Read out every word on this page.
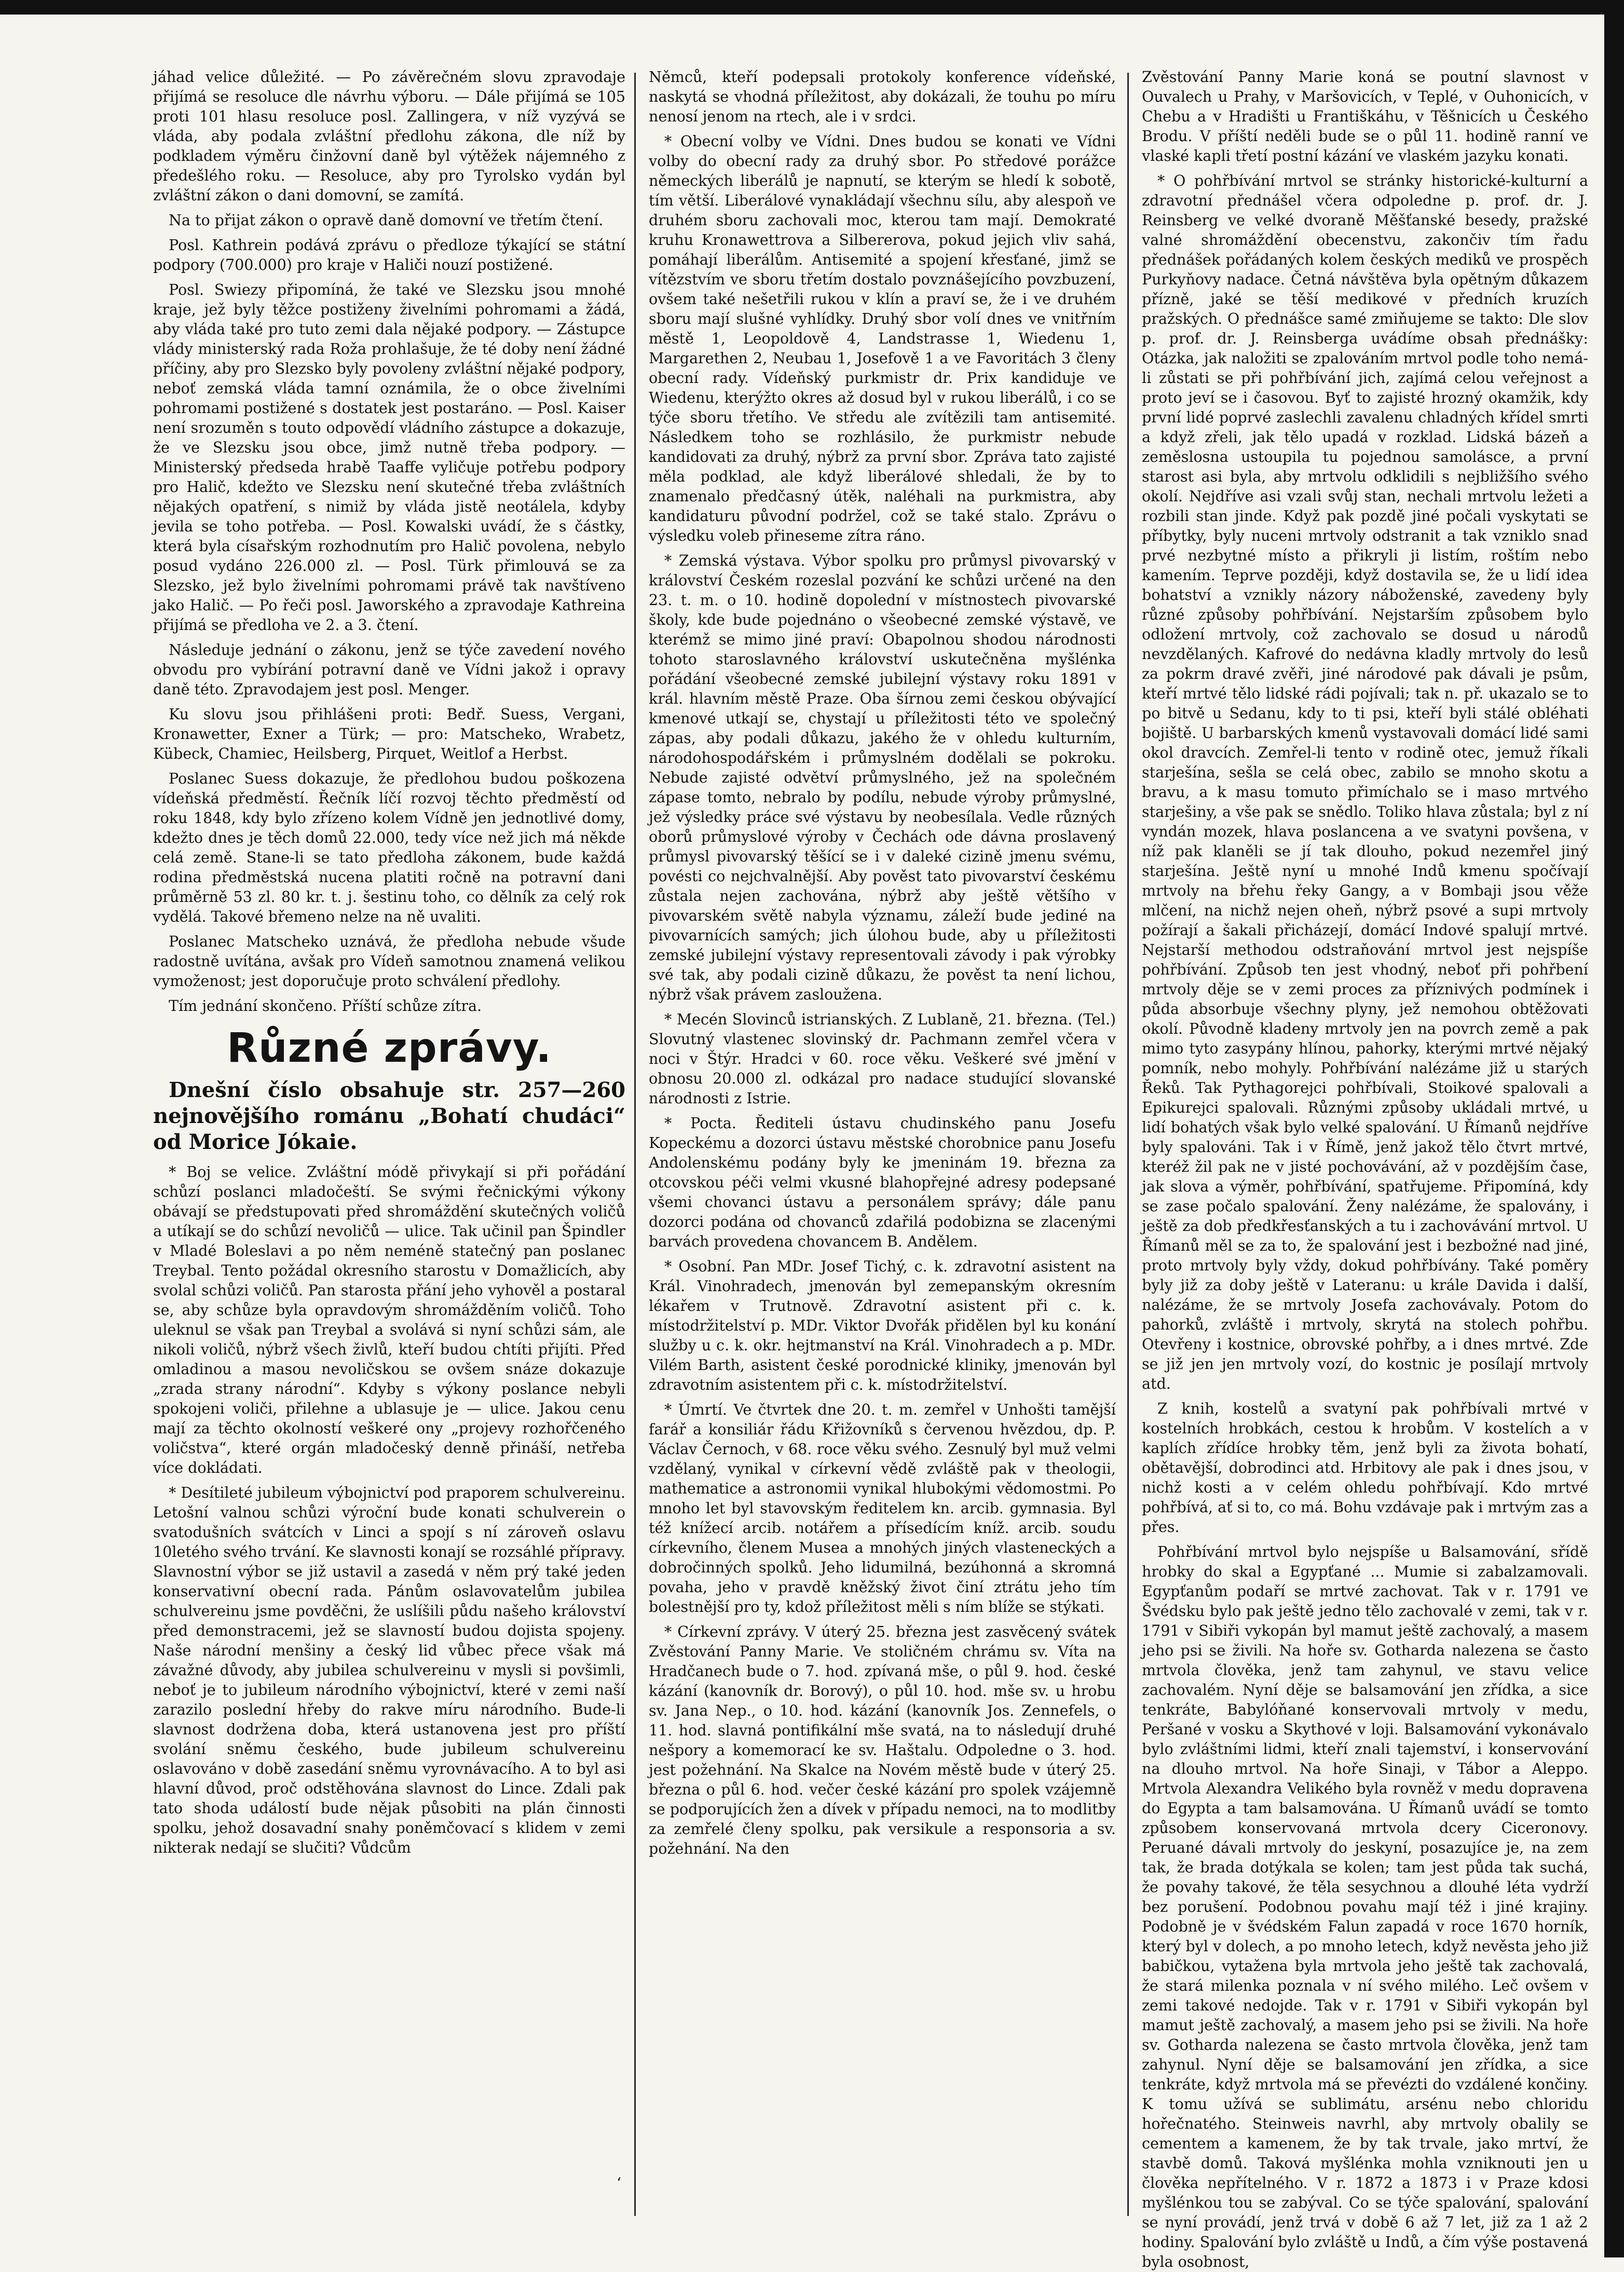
jáhad velice důležité. — Po závěrečném slovu zpravodaje přijímá se resoluce dle návrhu výboru. — Dále přijímá se 105 proti 101 hlasu resoluce posl. Zallingera, v níž vyzývá se vláda, aby podala zvláštní předlohu zákona, dle níž by podkladem výměru činžovní daně byl výtěžek nájemného z předešlého roku. — Resoluce, aby pro Tyrolsko vydán byl zvláštní zákon o dani domovní, se zamítá.

Na to přijat zákon o opravě daně domovní ve třetím čtení.

Posl. Kathrein podává zprávu o předloze týkající se státní podpory (700.000) pro kraje v Haliči nouzí postižené.

Posl. Swiezy připomíná, že také ve Slezsku jsou mnohé kraje, jež byly těžce postiženy živelními pohromami a žádá, aby vláda také pro tuto zemi dala nějaké podpory. — Zástupce vlády ministerský rada Roža prohlašuje, že té doby není žádné příčiny, aby pro Slezsko byly povoleny zvláštní nějaké podpory, neboť zemská vláda tamní oznámila, že o obce živelními pohromami postižené s dostatek jest postaráno. — Posl. Kaiser není srozuměn s touto odpovědí vládního zástupce a dokazuje, že ve Slezsku jsou obce, jimž nutně třeba podpory. — Ministerský předseda hrabě Taaffe vyličuje potřebu podpory pro Halič, kdežto ve Slezsku není skutečné třeba zvláštních nějakých opatření, s nimiž by vláda jistě neotálela, kdyby jevila se toho potřeba. — Posl. Kowalski uvádí, že s částky, která byla císařským rozhodnutím pro Halič povolena, nebylo posud vydáno 226.000 zl. — Posl. Türk přimlouvá se za Slezsko, jež bylo živelními pohromami právě tak navštíveno jako Halič. — Po řeči posl. Jaworského a zpravodaje Kathreina přijímá se předloha ve 2. a 3. čtení.

Následuje jednání o zákonu, jenž se týče zavedení nového obvodu pro vybírání potravní daně ve Vídni jakož i opravy daně této. Zpravodajem jest posl. Menger.

Ku slovu jsou přihlášeni proti: Bedř. Suess, Vergani, Kronawetter, Exner a Türk; — pro: Matscheko, Wrabetz, Kübeck, Chamiec, Heilsberg, Pirquet, Weitlof a Herbst.

Poslanec Suess dokazuje, že předlohou budou poškozena vídeňská předměstí. Řečník líčí rozvoj těchto předměstí od roku 1848, kdy bylo zřízeno kolem Vídně jen jednotlivé domy, kdežto dnes je těch domů 22.000, tedy více než jich má někde celá země. Stane-li se tato předloha zákonem, bude každá rodina předměstská nucena platiti ročně na potravní dani průměrně 53 zl. 80 kr. t. j. šestinu toho, co dělník za celý rok vydělá. Takové břemeno nelze na ně uvaliti.

Poslanec Matscheko uznává, že předloha nebude všude radostně uvítána, avšak pro Vídeň samotnou znamená velikou vymoženost; jest doporučuje proto schválení předlohy.

Tím jednání skončeno. Příští schůze zítra.

Různé zprávy.
Dnešní číslo obsahuje str. 257—260 nejnovějšího románu „Bohatí chudáci“ od Morice Jókaie.

* Boj se velice. Zvláštní módě přivykají si při pořádání schůzí poslanci mladočeští. Se svými řečnickými výkony obávají se předstupovati před shromáždění skutečných voličů a utíkají se do schůzí nevoličů — ulice. Tak učinil pan Špindler v Mladé Boleslavi a po něm neméně statečný pan poslanec Treybal. Tento požádal okresního starostu v Domažlicích, aby svolal schůzi voličů. Pan starosta přání jeho vyhověl a postaral se, aby schůze byla opravdovým shromážděním voličů. Toho uleknul se však pan Treybal a svolává si nyní schůzi sám, ale nikoli voličů, nýbrž všech živlů, kteří budou chtíti přijíti. Před omladinou a masou nevoličskou se ovšem snáze dokazuje „zrada strany národní“. Kdyby s výkony poslance nebyli spokojeni voliči, přilehne a ublasuje je — ulice. Jakou cenu mají za těchto okolností veškeré ony „projevy rozhořčeného voličstva“, které orgán mladočeský denně přináší, netřeba více dokládati.

* Desítileté jubileum výbojnictví pod praporem schulvereinu. Letošní valnou schůzi výroční bude konati schulverein o svatodušních svátcích v Linci a spojí s ní zároveň oslavu 10letého svého trvání. Ke slavnosti konají se rozsáhlé přípravy. Slavnostní výbor se již ustavil a zasedá v něm prý také jeden konservativní obecní rada. Pánům oslavovatelům jubilea schulvereinu jsme povděčni, že uslíšili půdu našeho království před demonstracemi, jež se slavností budou dojista spojeny. Naše národní menšiny a český lid vůbec přece však má závažné důvody, aby jubilea schulvereinu v mysli si povšimli, neboť je to jubileum národního výbojnictví, které v zemi naší zarazilo poslední hřeby do rakve míru národního. Bude-li slavnost dodržena doba, která ustanovena jest pro příští svolání sněmu českého, bude jubileum schulvereinu oslavováno v době zasedání sněmu vyrovnávacího. A to byl asi hlavní důvod, proč odstěhována slavnost do Lince. Zdali pak tato shoda událostí bude nějak působiti na plán činnosti spolku, jehož dosavadní snahy poněmčovací s klidem v zemi nikterak nedají se slučiti? Vůdcům

Němců, kteří podepsali protokoly konference vídeňské, naskytá se vhodná příležitost, aby dokázali, že touhu po míru nenosí jenom na rtech, ale i v srdci.

* Obecní volby ve Vídni. Dnes budou se konati ve Vídni volby do obecní rady za druhý sbor. Po středové porážce německých liberálů je napnutí, se kterým se hledí k sobotě, tím větší. Liberálové vynakládají všechnu sílu, aby alespoň ve druhém sboru zachovali moc, kterou tam mají. Demokraté kruhu Kronawettrova a Silbererova, pokud jejich vliv sahá, pomáhají liberálům. Antisemité a spojení křesťané, jimž se vítězstvím ve sboru třetím dostalo povznášejícího povzbuzení, ovšem také nešetřili rukou v klín a praví se, že i ve druhém sboru mají slušné vyhlídky. Druhý sbor volí dnes ve vnitřním městě 1, Leopoldově 4, Landstrasse 1, Wiedenu 1, Margarethen 2, Neubau 1, Josefově 1 a ve Favoritách 3 členy obecní rady. Vídeňský purkmistr dr. Prix kandiduje ve Wiedenu, kterýžto okres až dosud byl v rukou liberálů, i co se týče sboru třetího. Ve středu ale zvítězili tam antisemité. Následkem toho se rozhlásilo, že purkmistr nebude kandidovati za druhý, nýbrž za první sbor. Zpráva tato zajisté měla podklad, ale když liberálové shledali, že by to znamenalo předčasný útěk, naléhali na purkmistra, aby kandidaturu původní podržel, což se také stalo. Zprávu o výsledku voleb přineseme zítra ráno.

* Zemská výstava. Výbor spolku pro průmysl pivovarský v království Českém rozeslal pozvání ke schůzi určené na den 23. t. m. o 10. hodině dopolední v místnostech pivovarské školy, kde bude pojednáno o všeobecné zemské výstavě, ve kterémž se mimo jiné praví: Obapolnou shodou národnosti tohoto staroslavného království uskutečněna myšlénka pořádání všeobecné zemské jubilejní výstavy roku 1891 v král. hlavním městě Praze. Oba šírnou zemi českou obývající kmenové utkají se, chystají u příležitosti této ve společný zápas, aby podali důkazu, jakého že v ohledu kulturním, národohospodářském i průmyslném dodělali se pokroku. Nebude zajisté odvětví průmyslného, jež na společném zápase tomto, nebralo by podílu, nebude výroby průmyslné, jež výsledky práce své výstavu by neobesílala. Vedle různých oborů průmyslové výroby v Čechách ode dávna proslavený průmysl pivovarský těšící se i v daleké cizině jmenu svému, povésti co nejchvalnější. Aby pověst tato pivovarství českému zůstala nejen zachována, nýbrž aby ještě většího v pivovarském světě nabyla významu, záleží bude jediné na pivovarnících samých; jich úlohou bude, aby u příležitosti zemské jubilejní výstavy representovali závody i pak výrobky své tak, aby podali cizině důkazu, že pověst ta není lichou, nýbrž však právem zasloužena.

* Mecén Slovinců istrianských. Z Lublaně, 21. března. (Tel.) Slovutný vlastenec slovinský dr. Pachmann zemřel včera v noci v Štýr. Hradci v 60. roce věku. Veškeré své jmění v obnosu 20.000 zl. odkázal pro nadace studující slovanské národnosti z Istrie.

* Pocta. Řediteli ústavu chudinského panu Josefu Kopeckému a dozorci ústavu městské chorobnice panu Josefu Andolenskému podány byly ke jmeninám 19. března za otcovskou péči velmi vkusné blahopřejné adresy podepsané všemi chovanci ústavu a personálem správy; dále panu dozorci podána od chovanců zdařilá podobizna se zlacenými barvách provedena chovancem B. Andělem.

* Osobní. Pan MDr. Josef Tichý, c. k. zdravotní asistent na Král. Vinohradech, jmenován byl zemepanským okresním lékařem v Trutnově. Zdravotní asistent při c. k. místodržitelství p. MDr. Viktor Dvořák přidělen byl ku konání služby u c. k. okr. hejtmanství na Král. Vinohradech a p. MDr. Vilém Barth, asistent české porodnické kliniky, jmenován byl zdravotním asistentem při c. k. místodržitelství.

* Úmrtí. Ve čtvrtek dne 20. t. m. zemřel v Unhošti tamější farář a konsiliár řádu Křižovníků s červenou hvězdou, dp. P. Václav Černoch, v 68. roce věku svého. Zesnulý byl muž velmi vzdělaný, vynikal v církevní vědě zvláště pak v theologii, mathematice a astronomii vynikal hlubokými vědomostmi. Po mnoho let byl stavovským ředitelem kn. arcib. gymnasia. Byl též knížecí arcib. notářem a přísedícím kníž. arcib. soudu církevního, členem Musea a mnohých jiných vlasteneckých a dobročinných spolků. Jeho lidumilná, bezúhonná a skromná povaha, jeho v pravdě kněžský život činí ztrátu jeho tím bolestnější pro ty, kdož příležitost měli s ním blíže se stýkati.

* Církevní zprávy. V úterý 25. března jest zasvěcený svátek Zvěstování Panny Marie. Ve stoličném chrámu sv. Víta na Hradčanech bude o 7. hod. zpívaná mše, o půl 9. hod. české kázání (kanovník dr. Borový), o půl 10. hod. mše sv. u hrobu sv. Jana Nep., o 10. hod. kázání (kanovník Jos. Zennefels, o 11. hod. slavná pontifikální mše svatá, na to následují druhé nešpory a komemorací ke sv. Haštalu. Odpoledne o 3. hod. jest požehnání. Na Skalce na Novém městě bude v úterý 25. března o půl 6. hod. večer české kázání pro spolek vzájemně se podporujících žen a dívek v případu nemoci, na to modlitby za zemřelé členy spolku, pak versikule a responsoria a sv. požehnání. Na den

Zvěstování Panny Marie koná se poutní slavnost v Ouvalech u Prahy, v Maršovicích, v Teplé, v Ouhonicích, v Chebu a v Hradišti u Františkáhu, v Těšnicích u Českého Brodu. V příští neděli bude se o půl 11. hodině ranní ve vlaské kapli třetí postní kázání ve vlaském jazyku konati.

* O pohřbívání mrtvol se stránky historické-kulturní a zdravotní přednášel včera odpoledne p. prof. dr. J. Reinsberg ve velké dvoraně Měšťanské besedy, pražské valné shromáždění obecenstvu, zakončiv tím řadu přednášek pořádaných kolem českých mediků ve prospěch Purkyňovy nadace. Četná návštěva byla opětným důkazem přízně, jaké se těší medikové v předních kruzích pražských. O přednášce samé zmiňujeme se takto: Dle slov p. prof. dr. J. Reinsberga uvádíme obsah přednášky: Otázka, jak naložiti se zpalováním mrtvol podle toho nemá-li zůstati se při pohřbívání jich, zajímá celou veřejnost a proto jeví se i časovou. Byť to zajisté hrozný okamžik, kdy první lidé poprvé zaslechli zavalenu chladných křídel smrti a když zřeli, jak tělo upadá v rozklad. Lidská bázeň a zeměslosna ustoupila tu pojednou samolásce, a první starost asi byla, aby mrtvolu odklidili s nejbližšího svého okolí. Nejdříve asi vzali svůj stan, nechali mrtvolu ležeti a rozbili stan jinde. Když pak pozdě jiné počali vyskytati se příbytky, byly nuceni mrtvoly odstranit a tak vzniklo snad prvé nezbytné místo a přikryli ji listím, roštím nebo kamením. Teprve později, když dostavila se, že u lidí idea bohatství a vznikly názory náboženské, zavedeny byly různé způsoby pohřbívání. Nejstarším způsobem bylo odložení mrtvoly, což zachovalo se dosud u národů nevzdělaných. Kafrové do nedávna kladly mrtvoly do lesů za pokrm dravé zvěři, jiné národové pak dávali je psům, kteří mrtvé tělo lidské rádi pojívali; tak n. př. ukazalo se to po bitvě u Sedanu, kdy to ti psi, kteří byli stálé obléhati bojiště. U barbarských kmenů vystavovali domácí lidé sami okol dravcích. Zemřel-li tento v rodině otec, jemuž říkali starješína, sešla se celá obec, zabilo se mnoho skotu a bravu, a k masu tomuto přimíchalo se i maso mrtvého starješiny, a vše pak se snědlo. Toliko hlava zůstala; byl z ní vyndán mozek, hlava poslancena a ve svatyni povšena, v níž pak klaněli se jí tak dlouho, pokud nezemřel jiný starješína. Ještě nyní u mnohé Indů kmenu spočívají mrtvoly na břehu řeky Gangy, a v Bombaji jsou věže mlčení, na nichž nejen oheň, nýbrž psové a supi mrtvoly požírají a šakali přicházejí, domácí Indové spalují mrtvé. Nejstarší methodou odstraňování mrtvol jest nejspíše pohřbívání. Způsob ten jest vhodný, neboť při pohřbení mrtvoly děje se v zemi proces za příznivých podmínek i půda absorbuje všechny plyny, jež nemohou obtěžovati okolí. Původně kladeny mrtvoly jen na povrch země a pak mimo tyto zasypány hlínou, pahorky, kterými mrtvé nějaký pomník, nebo mohyly. Pohřbívání nalézáme již u starých Řeků. Tak Pythagorejci pohřbívali, Stoikové spalovali a Epikurejci spalovali. Různými způsoby ukládali mrtvé, u lidí bohatých však bylo velké spalování. U Římanů nejdříve byly spalováni. Tak i v Římě, jenž jakož tělo čtvrt mrtvé, kteréž žil pak ne v jisté pochovávání, až v pozdějším čase, jak slova a výměr, pohřbívání, spatřujeme. Připomíná, kdy se zase počalo spalování. Ženy nalézáme, že spalovány, i ještě za dob předkřesťanských a tu i zachovávání mrtvol. U Římanů měl se za to, že spalování jest i bezbožné nad jiné, proto mrtvoly byly vždy, dokud pohřbívány. Také poměry byly již za doby ještě v Lateranu: u krále Davida i další, nalézáme, že se mrtvoly Josefa zachovávaly. Potom do pahorků, zvláště i mrtvoly, skrytá na stolech pohřbu. Otevřeny i kostnice, obrovské pohřby, a i dnes mrtvé. Zde se již jen jen mrtvoly vozí, do kostnic je posílají mrtvoly atd.

Z knih, kostelů a svatyní pak pohřbívali mrtvé v kostelních hrobkách, cestou k hrobům. V kostelích a v kaplích zřídíce hrobky těm, jenž byli za života bohatí, obětavější, dobrodinci atd. Hrbitovy ale pak i dnes jsou, v nichž kosti a v celém ohledu pohřbívají. Kdo mrtvé pohřbívá, ať si to, co má. Bohu vzdávaje pak i mrtvým zas a přes.

Pohřbívání mrtvol bylo nejspíše u Balsamování, sřídě hrobky do skal a Egypťané ... Mumie si zabalzamovali. Egypťanům podaří se mrtvé zachovat. Tak v r. 1791 ve Švédsku bylo pak ještě jedno tělo zachovalé v zemi, tak v r. 1791 v Sibiři vykopán byl mamut ještě zachovalý, a masem jeho psi se živili. Na hoře sv. Gotharda nalezena se často mrtvola člověka, jenž tam zahynul, ve stavu velice zachovalém. Nyní děje se balsamování jen zřídka, a sice tenkráte, Babylóňané konservovali mrtvoly v medu, Peršané v vosku a Skythové v loji. Balsamování vykonávalo bylo zvláštními lidmi, kteří znali tajemství, i konservování na dlouho mrtvol. Na hoře Sinaji, v Tábor a Aleppo. Mrtvola Alexandra Velikého byla rovněž v medu dopravena do Egypta a tam balsamována. U Římanů uvádí se tomto způsobem konservovaná mrtvola dcery Ciceronovy. Peruané dávali mrtvoly do jeskyní, posazujíce je, na zem tak, že brada dotýkala se kolen; tam jest půda tak suchá, že povahy takové, že těla sesychnou a dlouhé léta vydrží bez porušení. Podobnou povahu mají též i jiné krajiny. Podobně je v švédském Falun zapadá v roce 1670 horník, který byl v dolech, a po mnoho letech, když nevěsta jeho již babičkou, vytažena byla mrtvola jeho ještě tak zachovalá, že stará milenka poznala v ní svého milého. Leč ovšem v zemi takové nedojde. Tak v r. 1791 v Sibiři vykopán byl mamut ještě zachovalý, a masem jeho psi se živili. Na hoře sv. Gotharda nalezena se často mrtvola člověka, jenž tam zahynul. Nyní děje se balsamování jen zřídka, a sice tenkráte, když mrtvola má se převézti do vzdálené končiny. K tomu užívá se sublimátu, arsénu nebo chloridu hořečnatého. Steinweis navrhl, aby mrtvoly obalily se cementem a kamenem, že by tak trvale, jako mrtví, že stavbě domů. Taková myšlénka mohla vzniknouti jen u člověka nepřítelného. V r. 1872 a 1873 i v Praze kdosi myšlénkou tou se zabýval. Co se týče spalování, spalování se nyní provádí, jenž trvá v době 6 až 7 let, již za 1 až 2 hodiny. Spalování bylo zvláště u Indů, a čím výše postavená byla osobnost,

ʻ
